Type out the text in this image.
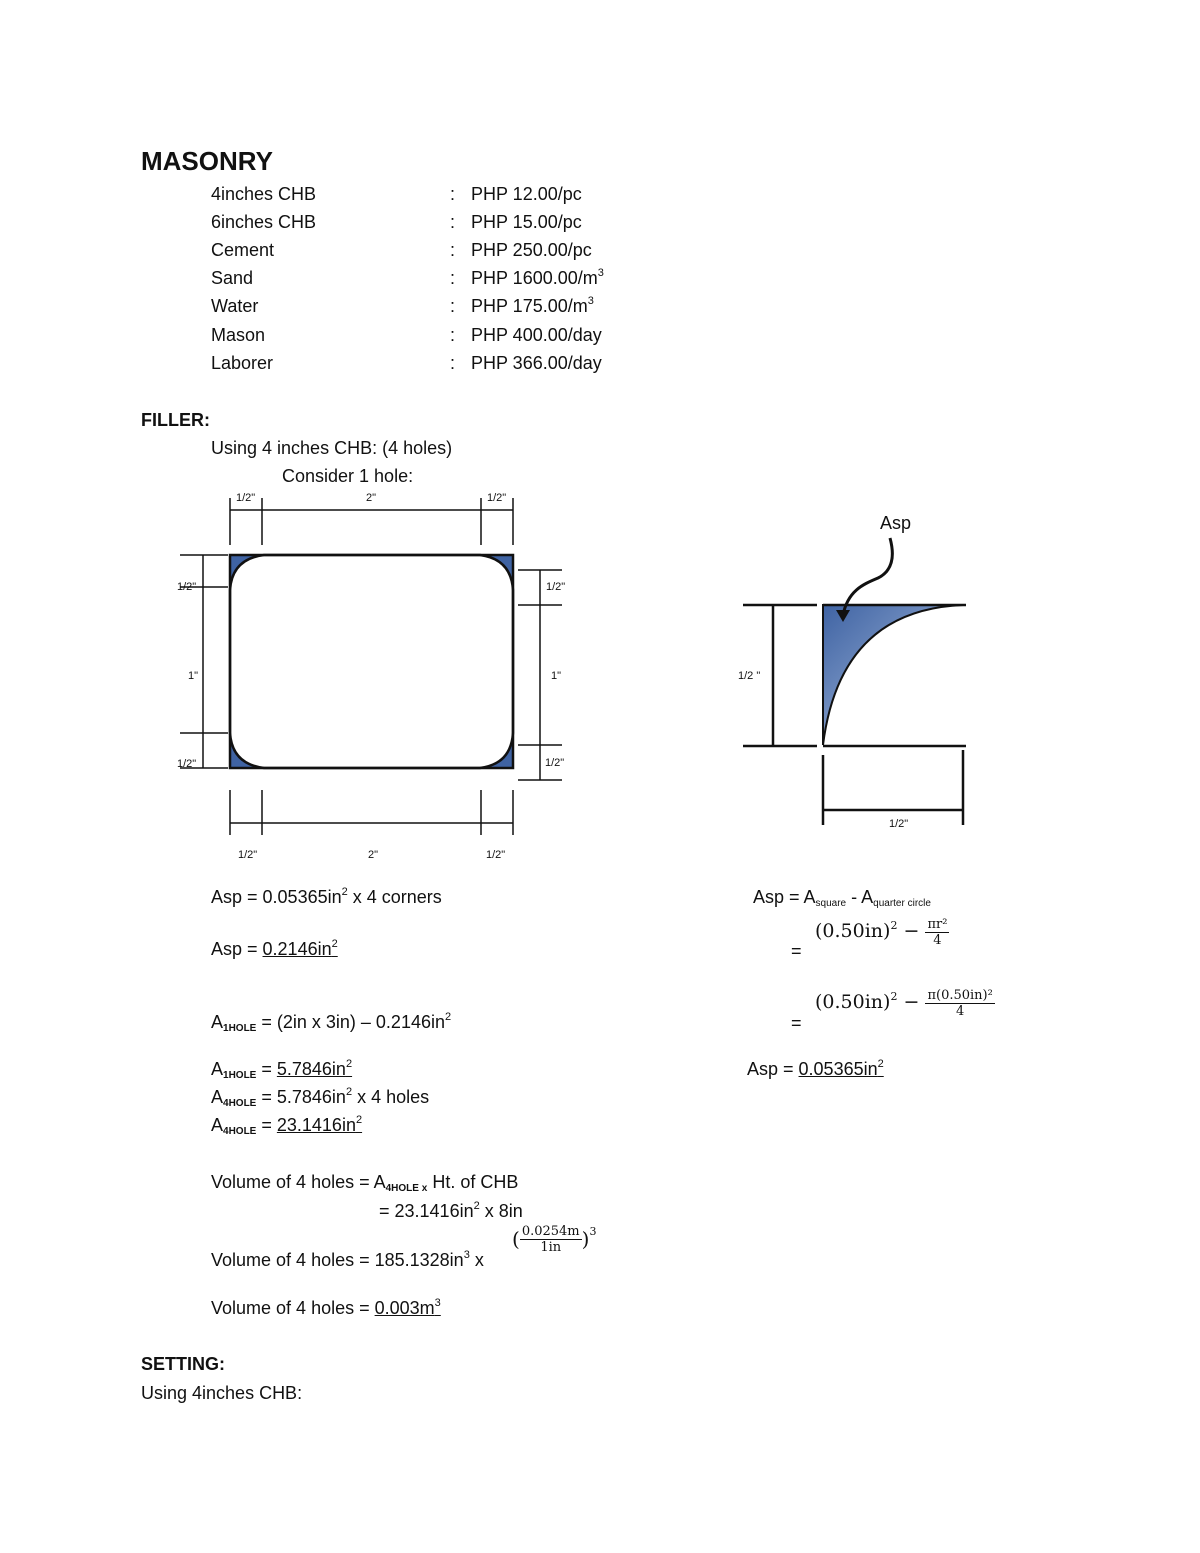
MASONRY
4inches CHB	: PHP 12.00/pc
6inches CHB	: PHP 15.00/pc
Cement	: PHP 250.00/pc
Sand	: PHP $1600.00/m^3$
Water	: PHP $175.00/m^3$
Mason	: PHP 400.00/day
Laborer	: PHP 366.00/day
FILLER:
Using 4 inches CHB: (4 holes)
Consider 1 hole:
1/2"	2"	1/2"
1/2"	2"	1/2"
1/2"
1"
1/2"
1/2"
1"
1/2"
Asp
1/2 "
1/2"
Asp = $0.05365in^2$ x 4 corners
Asp = $0.2146in^2$
$A_{1HOLE} = (2in$ x $3in) - 0.2146in^2$
$A_{1HOLE} = 5.7846in^2$
$A_{4HOLE} = 5.7846in^2$ x 4 holes
$A_{4HOLE} = 23.1416in^2$
Volume of 4 holes = $A_{4HOLE x}$ Ht. of CHB
= $23.1416in^2$ x 8in
Volume of 4 holes = $185.1328in^3$ x
( $\frac{0.0254m}{1in} )^3$
Volume of 4 holes = $0.003m^3$
Asp = $A_{square} - A_{quarter circle}$
=
$(0.50in)^2 - \frac{\text{πr²}}{4}$
=
$(0.50in)^2 - \frac{\text{π(0.50in)²}}{4}$
Asp = $0.05365in^2$
SETTING:
Using 4inches CHB:
